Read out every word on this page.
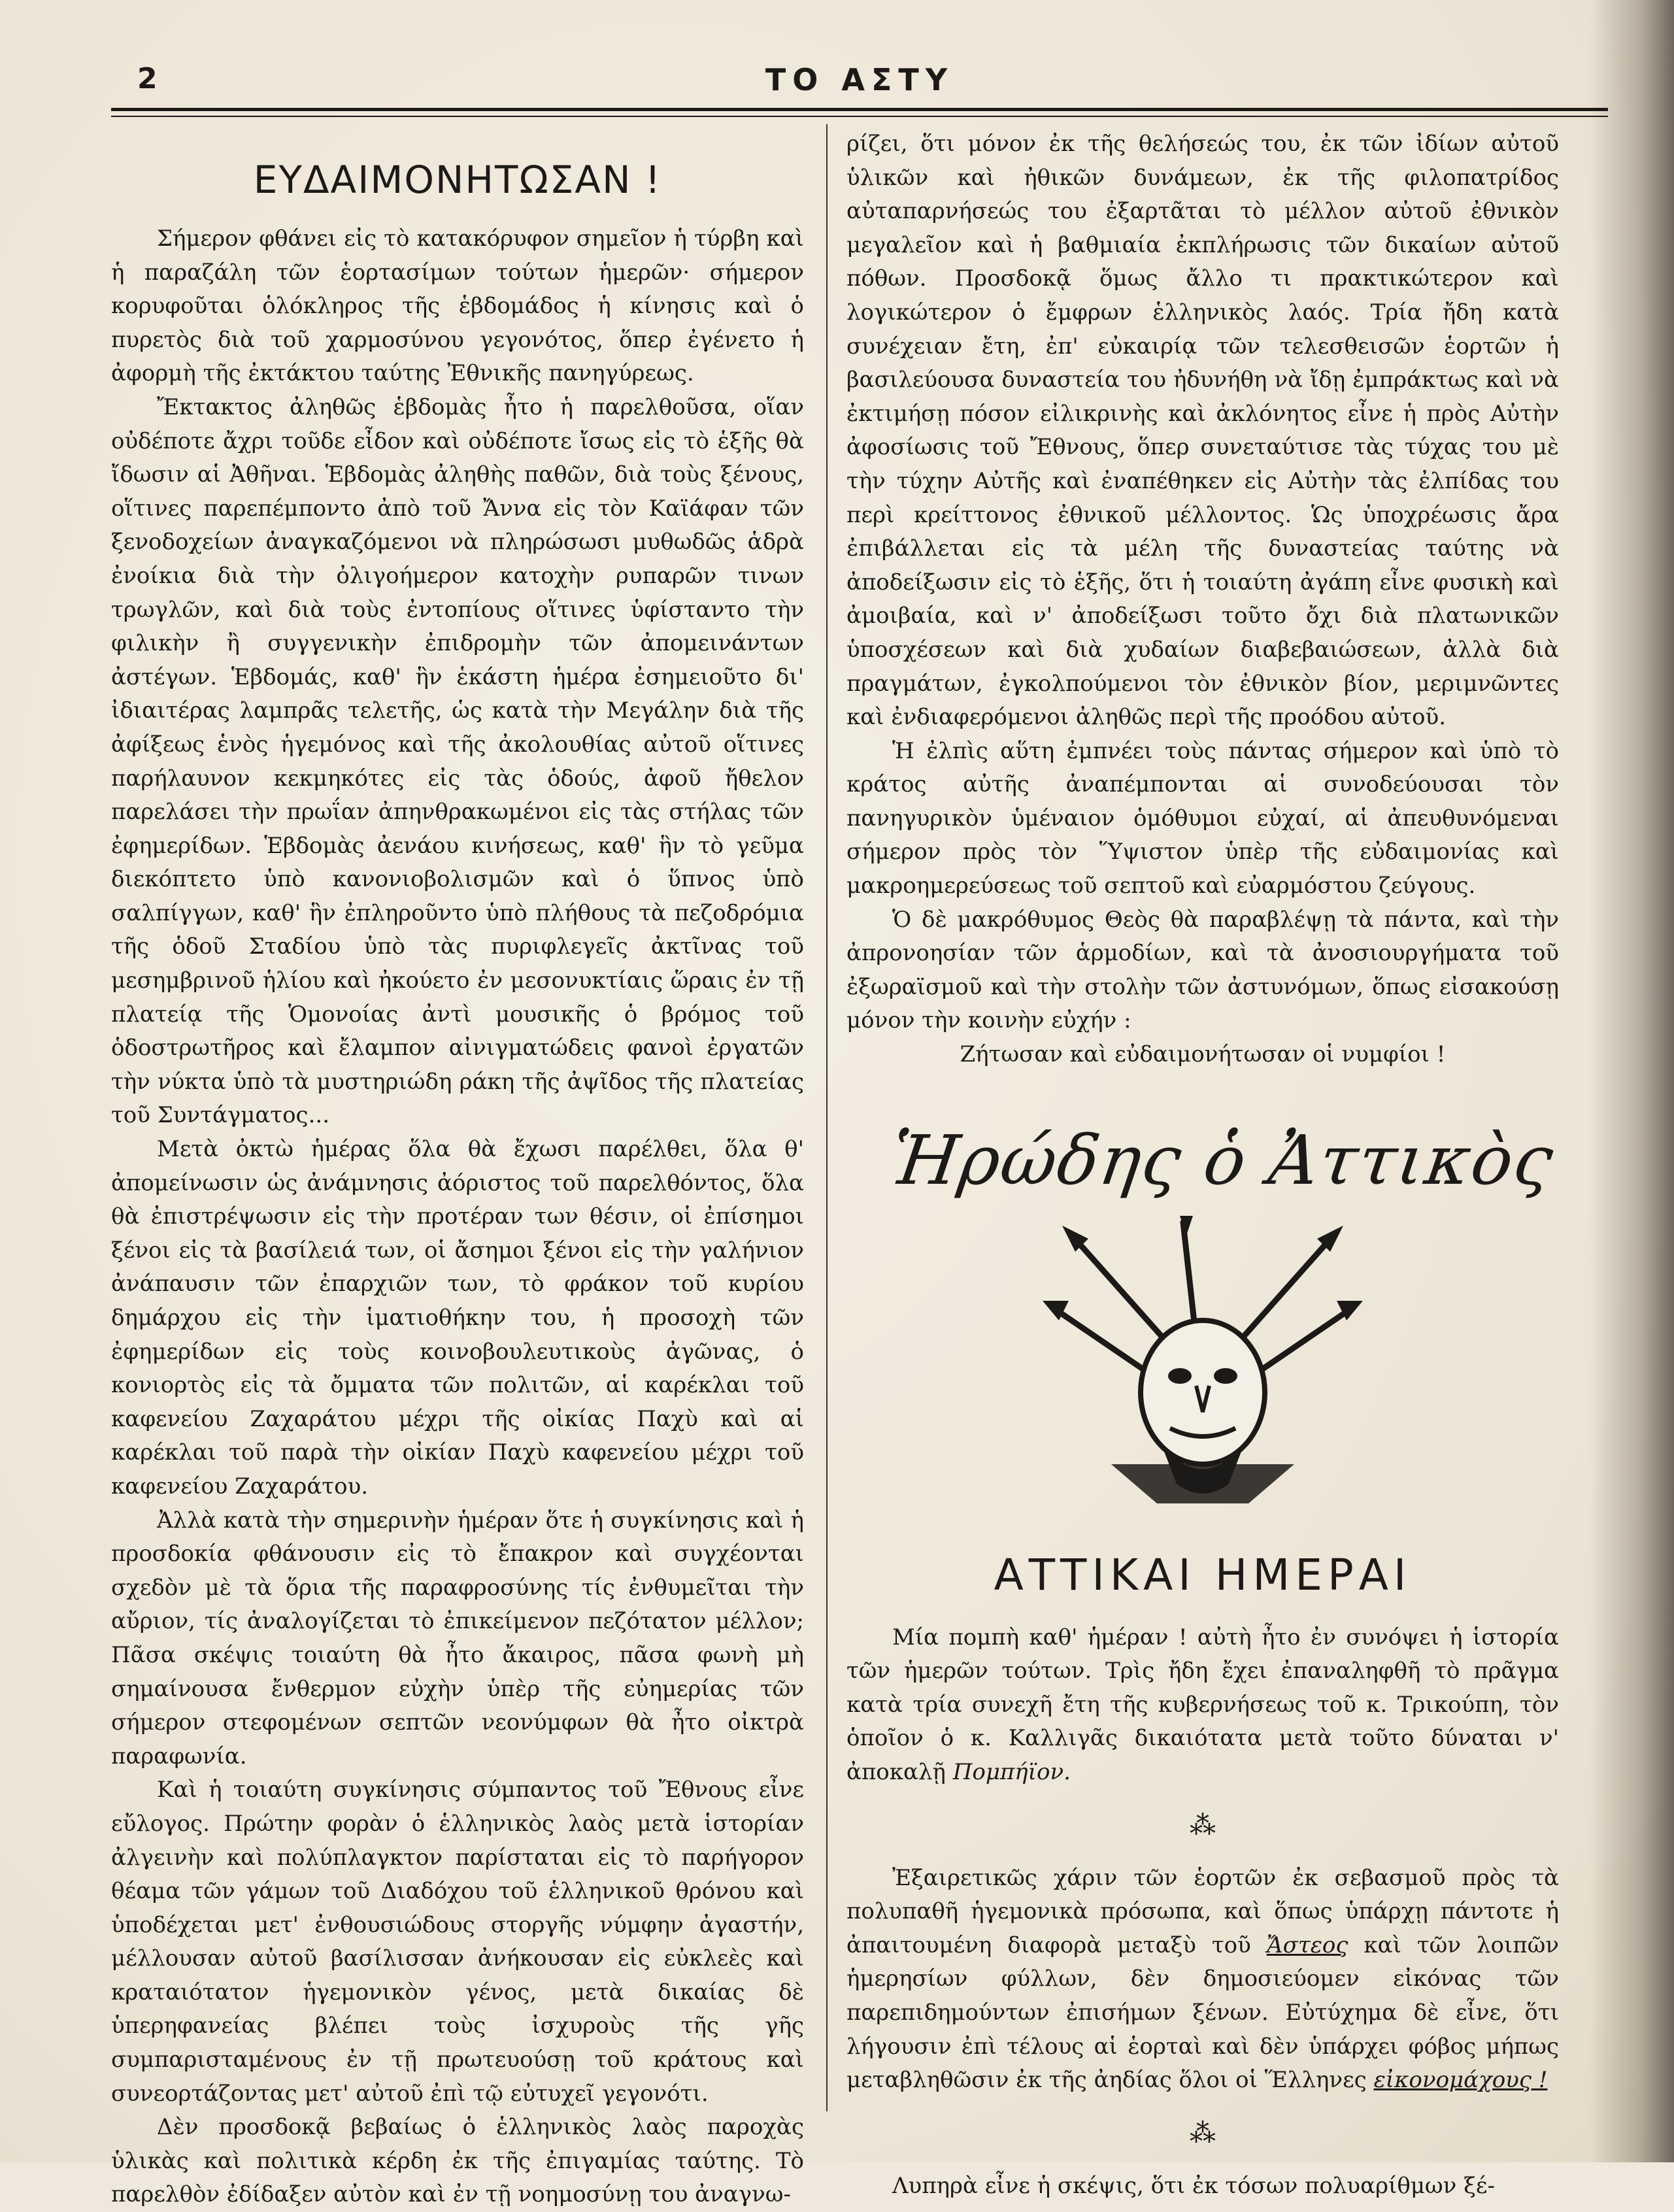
2	ΤΟ ΑΣΤΥ
ΕΥΔΑΙΜΟΝΗΤΩΣΑΝ !

Σήμερον φθάνει εἰς τὸ κατακόρυφον σημεῖον ἡ τύρβη καὶ ἡ παραζάλη τῶν ἑορτασίμων τούτων ἡμερῶν· σήμερον κορυφοῦται ὁλόκληρος τῆς ἑβδομάδος ἡ κίνησις καὶ ὁ πυρετὸς διὰ τοῦ χαρμοσύνου γεγονότος, ὅπερ ἐγένετο ἡ ἀφορμὴ τῆς ἐκτάκτου ταύτης Ἐθνικῆς πανηγύρεως.

Ἔκτακτος ἀληθῶς ἑβδομὰς ἦτο ἡ παρελθοῦσα, οἵαν οὐδέποτε ἄχρι τοῦδε εἶδον καὶ οὐδέποτε ἴσως εἰς τὸ ἑξῆς θὰ ἴδωσιν αἱ Ἀθῆναι. Ἑβδομὰς ἀληθὴς παθῶν, διὰ τοὺς ξένους, οἵτινες παρεπέμποντο ἀπὸ τοῦ Ἄννα εἰς τὸν Καϊάφαν τῶν ξενοδοχείων ἀναγκαζόμενοι νὰ πληρώσωσι μυθωδῶς ἁδρὰ ἐνοίκια διὰ τὴν ὀλιγοήμερον κατοχὴν ρυπαρῶν τινων τρωγλῶν, καὶ διὰ τοὺς ἐντοπίους οἵτινες ὑφίσταντο τὴν φιλικὴν ἢ συγγενικὴν ἐπιδρομὴν τῶν ἀπομεινάντων ἀστέγων. Ἑβδομάς, καθ' ἣν ἑκάστη ἡμέρα ἐσημειοῦτο δι' ἰδιαιτέρας λαμπρᾶς τελετῆς, ὡς κατὰ τὴν Μεγάλην διὰ τῆς ἀφίξεως ἑνὸς ἡγεμόνος καὶ τῆς ἀκολουθίας αὐτοῦ οἵτινες παρήλαυνον κεκμηκότες εἰς τὰς ὁδούς, ἀφοῦ ἤθελον παρελάσει τὴν πρωΐαν ἀπηνθρακωμένοι εἰς τὰς στήλας τῶν ἐφημερίδων. Ἑβδομὰς ἀενάου κινήσεως, καθ' ἣν τὸ γεῦμα διεκόπτετο ὑπὸ κανονιοβολισμῶν καὶ ὁ ὕπνος ὑπὸ σαλπίγγων, καθ' ἣν ἐπληροῦντο ὑπὸ πλήθους τὰ πεζοδρόμια τῆς ὁδοῦ Σταδίου ὑπὸ τὰς πυριφλεγεῖς ἀκτῖνας τοῦ μεσημβρινοῦ ἡλίου καὶ ἠκούετο ἐν μεσονυκτίαις ὥραις ἐν τῇ πλατείᾳ τῆς Ὁμονοίας ἀντὶ μουσικῆς ὁ βρόμος τοῦ ὁδοστρωτῆρος καὶ ἔλαμπον αἰνιγματώδεις φανοὶ ἐργατῶν τὴν νύκτα ὑπὸ τὰ μυστηριώδη ράκη τῆς ἀψῖδος τῆς πλατείας τοῦ Συντάγματος...

Μετὰ ὀκτὼ ἡμέρας ὅλα θὰ ἔχωσι παρέλθει, ὅλα θ' ἀπομείνωσιν ὡς ἀνάμνησις ἀόριστος τοῦ παρελθόντος, ὅλα θὰ ἐπιστρέψωσιν εἰς τὴν προτέραν των θέσιν, οἱ ἐπίσημοι ξένοι εἰς τὰ βασίλειά των, οἱ ἄσημοι ξένοι εἰς τὴν γαλήνιον ἀνάπαυσιν τῶν ἐπαρχιῶν των, τὸ φράκον τοῦ κυρίου δημάρχου εἰς τὴν ἱματιοθήκην του, ἡ προσοχὴ τῶν ἐφημερίδων εἰς τοὺς κοινοβουλευτικοὺς ἀγῶνας, ὁ κονιορτὸς εἰς τὰ ὄμματα τῶν πολιτῶν, αἱ καρέκλαι τοῦ καφενείου Ζαχαράτου μέχρι τῆς οἰκίας Παχὺ καὶ αἱ καρέκλαι τοῦ παρὰ τὴν οἰκίαν Παχὺ καφενείου μέχρι τοῦ καφενείου Ζαχαράτου.

Ἀλλὰ κατὰ τὴν σημερινὴν ἡμέραν ὅτε ἡ συγκίνησις καὶ ἡ προσδοκία φθάνουσιν εἰς τὸ ἔπακρον καὶ συγχέονται σχεδὸν μὲ τὰ ὅρια τῆς παραφροσύνης τίς ἐνθυμεῖται τὴν αὔριον, τίς ἀναλογίζεται τὸ ἐπικείμενον πεζότατον μέλλον; Πᾶσα σκέψις τοιαύτη θὰ ἦτο ἄκαιρος, πᾶσα φωνὴ μὴ σημαίνουσα ἔνθερμον εὐχὴν ὑπὲρ τῆς εὐημερίας τῶν σήμερον στεφομένων σεπτῶν νεονύμφων θὰ ἦτο οἰκτρὰ παραφωνία.

Καὶ ἡ τοιαύτη συγκίνησις σύμπαντος τοῦ Ἔθνους εἶνε εὔλογος. Πρώτην φορὰν ὁ ἑλληνικὸς λαὸς μετὰ ἱστορίαν ἀλγεινὴν καὶ πολύπλαγκτον παρίσταται εἰς τὸ παρήγορον θέαμα τῶν γάμων τοῦ Διαδόχου τοῦ ἑλληνικοῦ θρόνου καὶ ὑποδέχεται μετ' ἐνθουσιώδους στοργῆς νύμφην ἀγαστήν, μέλλουσαν αὐτοῦ βασίλισσαν ἀνήκουσαν εἰς εὐκλεὲς καὶ κραταιότατον ἡγεμονικὸν γένος, μετὰ δικαίας δὲ ὑπερηφανείας βλέπει τοὺς ἰσχυροὺς τῆς γῆς συμπαρισταμένους ἐν τῇ πρωτευούσῃ τοῦ κράτους καὶ συνεορτάζοντας μετ' αὐτοῦ ἐπὶ τῷ εὐτυχεῖ γεγονότι.

Δὲν προσδοκᾷ βεβαίως ὁ ἑλληνικὸς λαὸς παροχὰς ὑλικὰς καὶ πολιτικὰ κέρδη ἐκ τῆς ἐπιγαμίας ταύτης. Τὸ παρελθὸν ἐδίδαξεν αὐτὸν καὶ ἐν τῇ νοημοσύνῃ του ἀναγνω-

ρίζει, ὅτι μόνον ἐκ τῆς θελήσεώς του, ἐκ τῶν ἰδίων αὐτοῦ ὑλικῶν καὶ ἠθικῶν δυνάμεων, ἐκ τῆς φιλοπατρίδος αὐταπαρνήσεώς του ἐξαρτᾶται τὸ μέλλον αὐτοῦ ἐθνικὸν μεγαλεῖον καὶ ἡ βαθμιαία ἐκπλήρωσις τῶν δικαίων αὐτοῦ πόθων. Προσδοκᾷ ὅμως ἄλλο τι πρακτικώτερον καὶ λογικώτερον ὁ ἔμφρων ἑλληνικὸς λαός. Τρία ἤδη κατὰ συνέχειαν ἔτη, ἐπ' εὐκαιρίᾳ τῶν τελεσθεισῶν ἑορτῶν ἡ βασιλεύουσα δυναστεία του ἠδυνήθη νὰ ἴδῃ ἐμπράκτως καὶ νὰ ἐκτιμήσῃ πόσον εἰλικρινὴς καὶ ἀκλόνητος εἶνε ἡ πρὸς Αὐτὴν ἀφοσίωσις τοῦ Ἔθνους, ὅπερ συνεταύτισε τὰς τύχας του μὲ τὴν τύχην Αὐτῆς καὶ ἐναπέθηκεν εἰς Αὐτὴν τὰς ἐλπίδας του περὶ κρείττονος ἐθνικοῦ μέλλοντος. Ὡς ὑποχρέωσις ἄρα ἐπιβάλλεται εἰς τὰ μέλη τῆς δυναστείας ταύτης νὰ ἀποδείξωσιν εἰς τὸ ἑξῆς, ὅτι ἡ τοιαύτη ἀγάπη εἶνε φυσικὴ καὶ ἀμοιβαία, καὶ ν' ἀποδείξωσι τοῦτο ὄχι διὰ πλατωνικῶν ὑποσχέσεων καὶ διὰ χυδαίων διαβεβαιώσεων, ἀλλὰ διὰ πραγμάτων, ἐγκολπούμενοι τὸν ἐθνικὸν βίον, μεριμνῶντες καὶ ἐνδιαφερόμενοι ἀληθῶς περὶ τῆς προόδου αὐτοῦ.

Ἡ ἐλπὶς αὕτη ἐμπνέει τοὺς πάντας σήμερον καὶ ὑπὸ τὸ κράτος αὐτῆς ἀναπέμπονται αἱ συνοδεύουσαι τὸν πανηγυρικὸν ὑμέναιον ὁμόθυμοι εὐχαί, αἱ ἀπευθυνόμεναι σήμερον πρὸς τὸν Ὕψιστον ὑπὲρ τῆς εὐδαιμονίας καὶ μακροημερεύσεως τοῦ σεπτοῦ καὶ εὐαρμόστου ζεύγους.

Ὁ δὲ μακρόθυμος Θεὸς θὰ παραβλέψῃ τὰ πάντα, καὶ τὴν ἀπρονοησίαν τῶν ἁρμοδίων, καὶ τὰ ἀνοσιουργήματα τοῦ ἐξωραϊσμοῦ καὶ τὴν στολὴν τῶν ἀστυνόμων, ὅπως εἰσακούσῃ μόνον τὴν κοινὴν εὐχήν :

Ζήτωσαν καὶ εὐδαιμονήτωσαν οἱ νυμφίοι !

Ἡρώδης ὁ Ἀττικὸς
ΑΤΤΙΚΑΙ ΗΜΕΡΑΙ

Μία πομπὴ καθ' ἡμέραν ! αὐτὴ ἦτο ἐν συνόψει ἡ ἱστορία τῶν ἡμερῶν τούτων. Τρὶς ἤδη ἔχει ἐπαναληφθῆ τὸ πρᾶγμα κατὰ τρία συνεχῆ ἔτη τῆς κυβερνήσεως τοῦ κ. Τρικούπη, τὸν ὁποῖον ὁ κ. Καλλιγᾶς δικαιότατα μετὰ τοῦτο δύναται ν' ἀποκαλῇ Πομπήϊον.

⁂

Ἐξαιρετικῶς χάριν τῶν ἑορτῶν ἐκ σεβασμοῦ πρὸς τὰ πολυπαθῆ ἡγεμονικὰ πρόσωπα, καὶ ὅπως ὑπάρχῃ πάντοτε ἡ ἀπαιτουμένη διαφορὰ μεταξὺ τοῦ Ἄστεος καὶ τῶν λοιπῶν ἡμερησίων φύλλων, δὲν δημοσιεύομεν εἰκόνας τῶν παρεπιδημούντων ἐπισήμων ξένων. Εὐτύχημα δὲ εἶνε, ὅτι λήγουσιν ἐπὶ τέλους αἱ ἑορταὶ καὶ δὲν ὑπάρχει φόβος μήπως μεταβληθῶσιν ἐκ τῆς ἀηδίας ὅλοι οἱ Ἕλληνες εἰκονομάχους !

⁂

Λυπηρὰ εἶνε ἡ σκέψις, ὅτι ἐκ τόσων πολυαρίθμων ξέ-
